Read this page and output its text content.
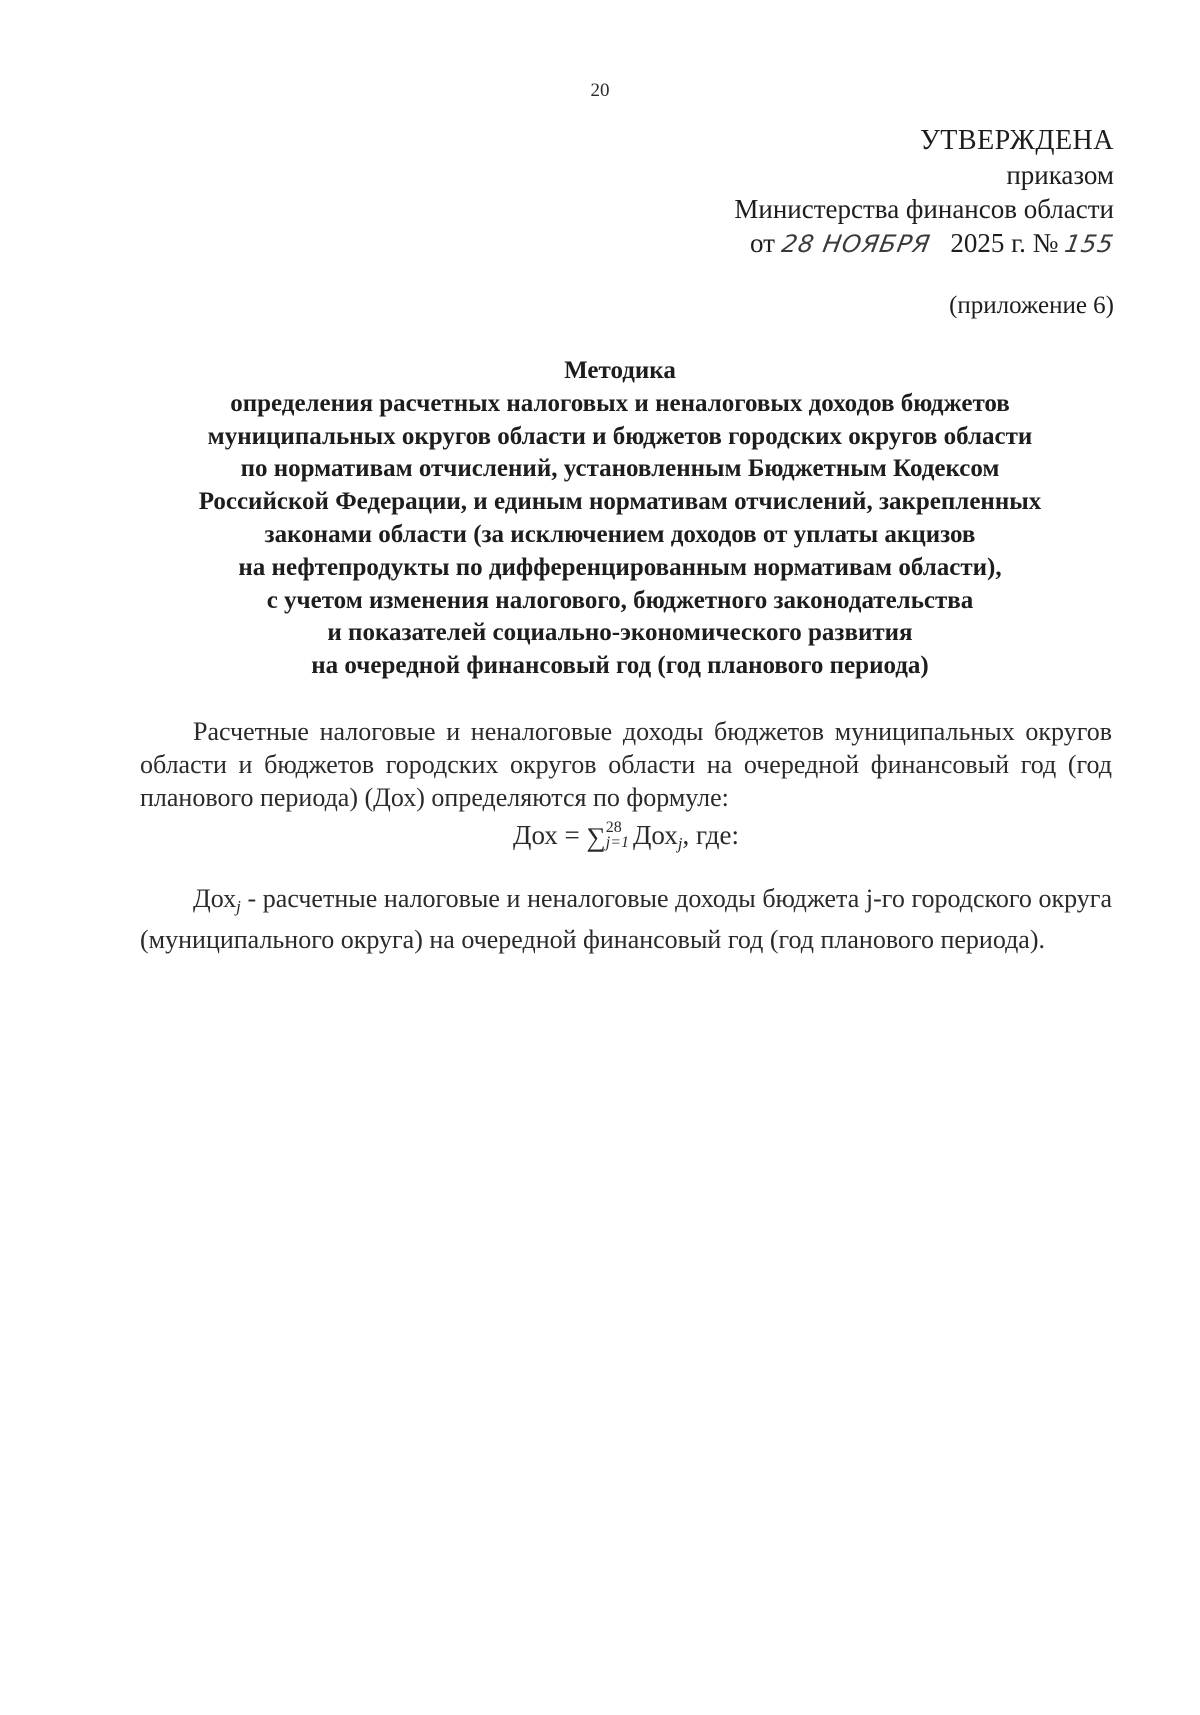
20
УТВЕРЖДЕНА
приказом
Министерства финансов области
от 28 НОЯБРЯ 2025 г. № 155
(приложение 6)
Методика
определения расчетных налоговых и неналоговых доходов бюджетов
муниципальных округов области и бюджетов городских округов области
по нормативам отчислений, установленным Бюджетным Кодексом
Российской Федерации, и единым нормативам отчислений, закрепленных
законами области (за исключением доходов от уплаты акцизов
на нефтепродукты по дифференцированным нормативам области),
с учетом изменения налогового, бюджетного законодательства
и показателей социально-экономического развития
на очередной финансовый год (год планового периода)

Расчетные налоговые и неналоговые доходы бюджетов муниципальных округов области и бюджетов городских округов области на очередной финансовый год (год планового периода) (Дох) определяются по формуле:

Дох = ∑ 28
j=1 Дох$_j$, где:

Дох$_j$ - расчетные налоговые и неналоговые доходы бюджета j-го городского округа (муниципального округа) на очередной финансовый год (год планового периода).
